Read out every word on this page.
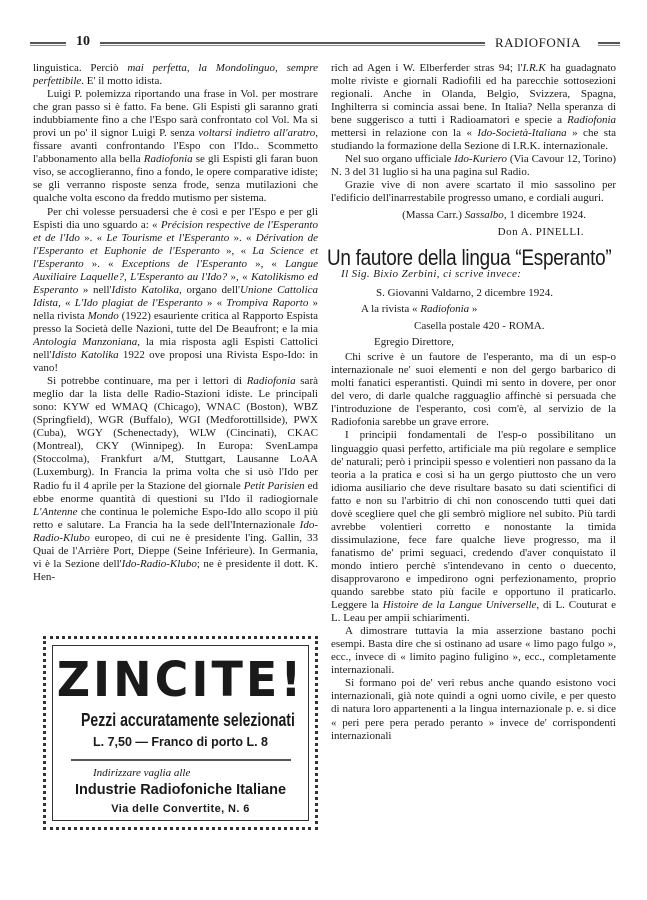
10	RADIOFONIA

linguistica. Perciò mai perfetta, la Mondolinguo, sempre perfettibile. E' il motto idista.

Luigi P. polemizza riportando una frase in Vol. per mostrare che gran passo si è fatto. Fa bene. Gli Espisti gli saranno grati indubbiamente fino a che l'Espo sarà confrontato col Vol. Ma si provi un po' il signor Luigi P. senza voltarsi indietro all'aratro, fissare avanti confrontando l'Espo con l'Ido.. Scommetto l'abbonamento alla bella Radiofonia se gli Espisti gli faran buon viso, se accoglieranno, fino a fondo, le opere comparative idiste; se gli verranno risposte senza frode, senza mutilazioni che qualche volta escono da freddo mutismo per sistema.

Per chi volesse persuadersi che è così e per l'Espo e per gli Espisti dia uno sguardo a: « Précision respective de l'Esperanto et de l'Ido ». « Le Tourisme et l'Esperanto ». « Dérivation de l'Esperanto et Euphonie de l'Esperanto », « La Science et l'Esperanto ». « Exceptions de l'Esperanto », « Langue Auxiliaire Laquelle?, L'Esperanto au l'Ido? », « Katolikismo ed Esperanto » nell'Idisto Katolika, organo dell'Unione Cattolica Idista, « L'Ido plagiat de l'Esperanto » « Trompiva Raporto » nella rivista Mondo (1922) esauriente critica al Rapporto Espista presso la Società delle Nazioni, tutte del De Beaufront; e la mia Antologia Manzoniana, la mia risposta agli Espisti Cattolici nell'Idisto Katolika 1922 ove proposi una Rivista Espo-Ido: in vano!

Si potrebbe continuare, ma per i lettori di Radiofonia sarà meglio dar la lista delle Radio-Stazioni idiste. Le principali sono: KYW ed WMAQ (Chicago), WNAC (Boston), WBZ (Springfield), WGR (Buffalo), WGI (Medforottillside), PWX (Cuba), WGY (Schenectady), WLW (Cincinati), CKAC (Montreal), CKY (Winnipeg). In Europa: SvenLampa (Stoccolma), Frankfurt a/M, Stuttgart, Lausanne LoAA (Luxemburg). In Francia la prima volta che si usò l'Ido per Radio fu il 4 aprile per la Stazione del giornale Petit Parisien ed ebbe enorme quantità di questioni su l'Ido il radiogiornale L'Antenne che continua le polemiche Espo-Ido allo scopo il più retto e salutare. La Francia ha la sede dell'Internazionale Ido-Radio-Klubo europeo, di cui ne è presidente l'ing. Gallin, 33 Quai de l'Arrière Port, Dieppe (Seine Inférieure). In Germania, vi è la Sezione dell'Ido-Radio-Klubo; ne è presidente il dott. K. Hen-

ZINCITE!
Pezzi accuratamente selezionati
L. 7,50 — Franco di porto L. 8
Indirizzare vaglia alle
Industrie Radiofoniche Italiane
Via delle Convertite, N. 6

rich ad Agen i W. Elberferder stras 94; l'I.R.K ha guadagnato molte riviste e giornali Radiofili ed ha parecchie sottosezioni regionali. Anche in Olanda, Belgio, Svizzera, Spagna, Inghilterra si comincia assai bene. In Italia? Nella speranza di bene suggerisco a tutti i Radioamatori e specie a Radiofonia mettersi in relazione con la « Ido-Società-Italiana » che sta studiando la formazione della Sezione di I.R.K. internazionale.

Nel suo organo ufficiale Ido-Kuriero (Via Cavour 12, Torino) N. 3 del 31 luglio si ha una pagina sul Radio.

Grazie vive di non avere scartato il mio sassolino per l'edificio dell'inarrestabile progresso umano, e cordiali auguri.

(Massa Carr.) Sassalbo, 1 dicembre 1924.

Don A. PINELLI.

Un fautore della lingua “Esperanto”

Il Sig. Bixio Zerbini, ci scrive invece:

S. Giovanni Valdarno, 2 dicembre 1924.

A la rivista « Radiofonia »

Casella postale 420 - ROMA.

Egregio Direttore,

Chi scrive è un fautore de l'esperanto, ma di un esp-o internazionale ne' suoi elementi e non del gergo barbarico di molti fanatici esperantisti. Quindi mi sento in dovere, per onor del vero, di darle qualche ragguaglio affinchè si persuada che l'introduzione de l'esperanto, così com'è, al servizio de la Radiofonia sarebbe un grave errore.

I principii fondamentali de l'esp-o possibilitano un linguaggio quasi perfetto, artificiale ma più regolare e semplice de' naturali; però i principii spesso e volentieri non passano da la teoria a la pratica e così si ha un gergo piuttosto che un vero idioma ausiliario che deve risultare basato su dati scientifici di fatto e non su l'arbitrio di chi non conoscendo tutti quei dati dovè scegliere quel che gli sembrò migliore nel subito. Più tardi avrebbe volentieri corretto e nonostante la timida dissimulazione, fece fare qualche lieve progresso, ma il fanatismo de' primi seguaci, credendo d'aver conquistato il mondo intiero perchè s'intendevano in cento o duecento, disapprovarono e impedirono ogni perfezionamento, proprio quando sarebbe stato più facile e opportuno il praticarlo. Leggere la Histoire de la Langue Universelle, di L. Couturat e L. Leau per ampii schiarimenti.

A dimostrare tuttavia la mia asserzione bastano pochi esempi. Basta dire che si ostinano ad usare « limo pago fulgo », ecc., invece di « limito pagino fuligino », ecc., completamente internazionali.

Si formano poi de' veri rebus anche quando esistono voci internazionali, già note quindi a ogni uomo civile, e per questo di natura loro appartenenti a la lingua internazionale p. e. si dice « peri pere pera perado peranto » invece de' corrispondenti internazionali
